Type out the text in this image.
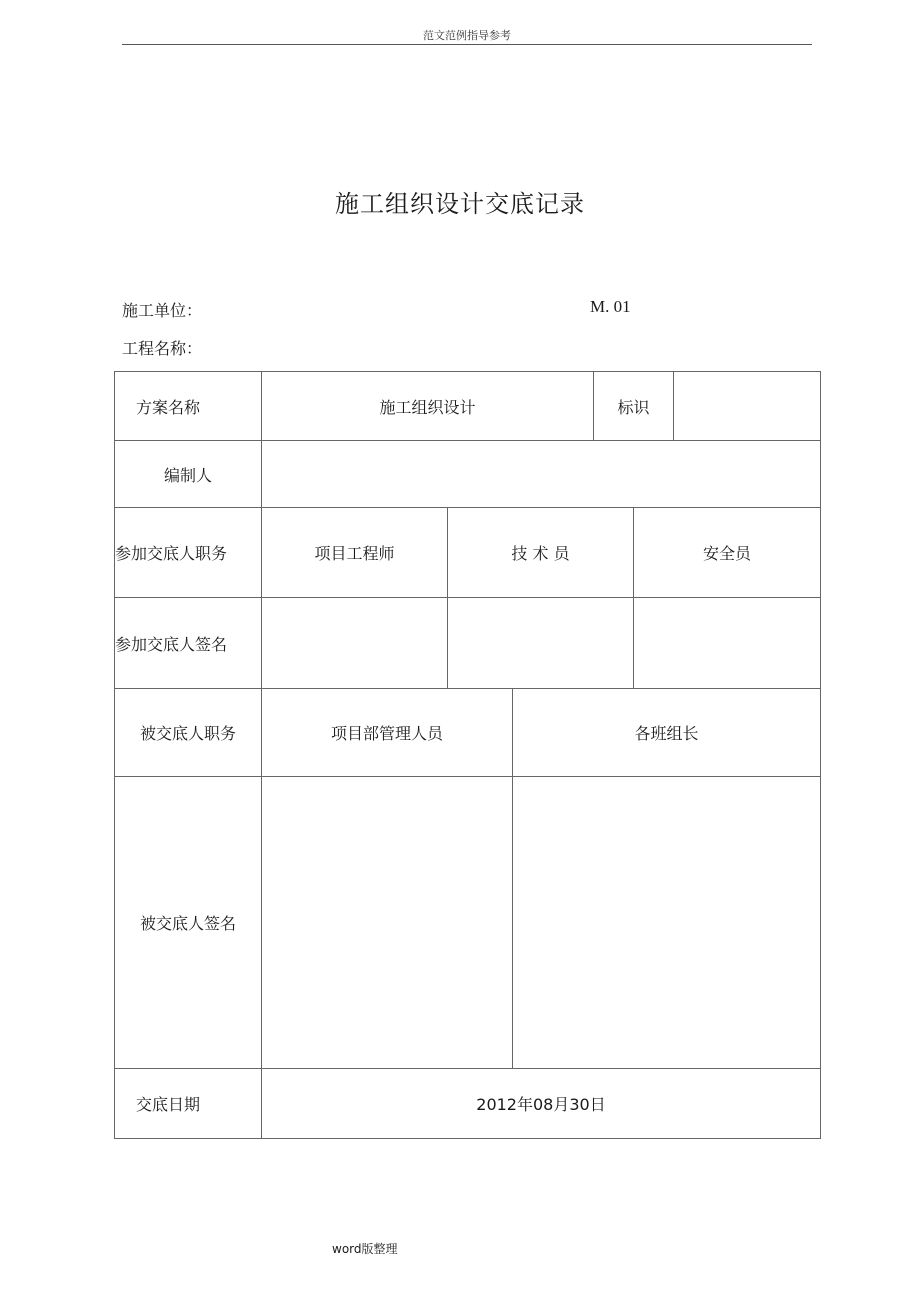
范文范例指导参考
施工组织设计交底记录
施工单位：	M. 01
工程名称：
方案名称	施工组织设计	标识
编制人
参加交底人职务	项目工程师	技 术 员	安全员
参加交底人签名
被交底人职务	项目部管理人员	各班组长
被交底人签名
交底日期	2012年08月30日
word版整理
